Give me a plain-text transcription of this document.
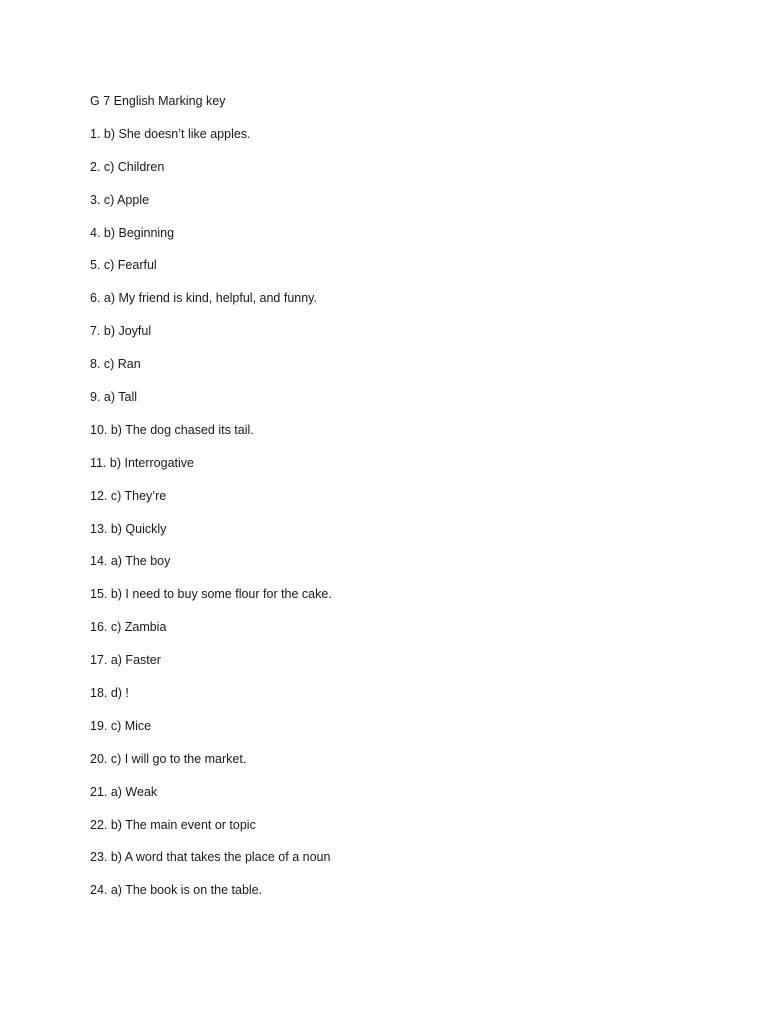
G 7 English Marking key
1. b) She doesn’t like apples.
2. c) Children
3. c) Apple
4. b) Beginning
5. c) Fearful
6. a) My friend is kind, helpful, and funny.
7. b) Joyful
8. c) Ran
9. a) Tall
10. b) The dog chased its tail.
11. b) Interrogative
12. c) They’re
13. b) Quickly
14. a) The boy
15. b) I need to buy some flour for the cake.
16. c) Zambia
17. a) Faster
18. d) !
19. c) Mice
20. c) I will go to the market.
21. a) Weak
22. b) The main event or topic
23. b) A word that takes the place of a noun
24. a) The book is on the table.
